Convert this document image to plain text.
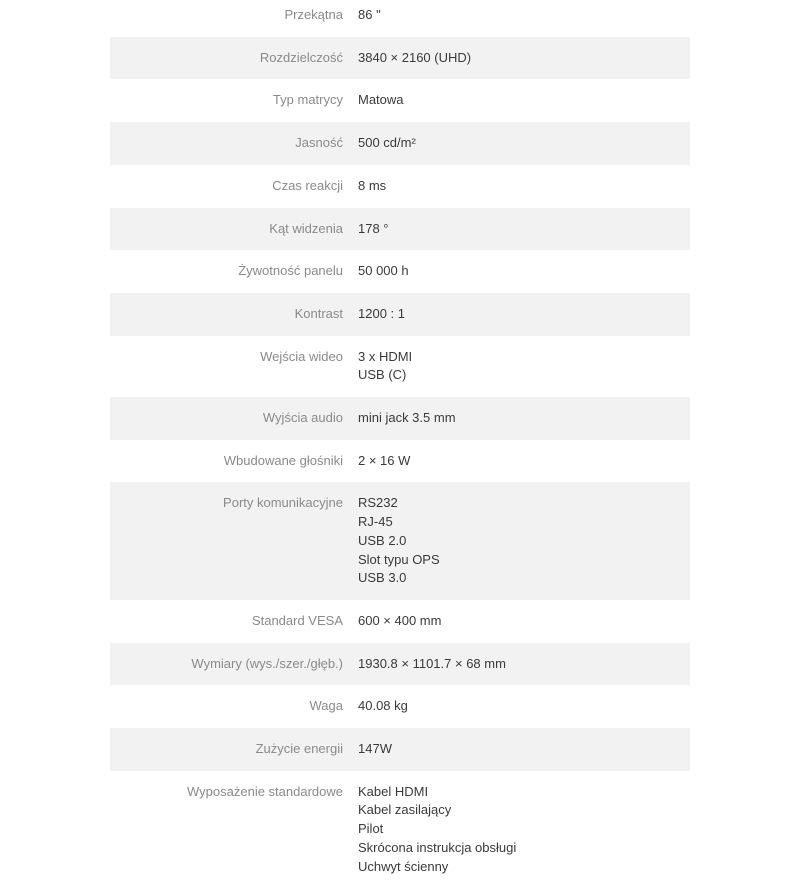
Przekątna 86 "
Rozdzielczość 3840 × 2160 (UHD)
Typ matrycy Matowa
Jasność 500 cd/m²
Czas reakcji 8 ms
Kąt widzenia 178 °
Żywotność panelu 50 000 h
Kontrast 1200 : 1
Wejścia wideo 3 x HDMI
USB (C)
Wyjścia audio mini jack 3.5 mm
Wbudowane głośniki 2 × 16 W
Porty komunikacyjne RS232
RJ-45
USB 2.0
Slot typu OPS
USB 3.0
Standard VESA 600 × 400 mm
Wymiary (wys./szer./głęb.) 1930.8 × 1101.7 × 68 mm
Waga 40.08 kg
Zużycie energii 147W
Wyposażenie standardowe Kabel HDMI
Kabel zasilający
Pilot
Skrócona instrukcja obsługi
Uchwyt ścienny
